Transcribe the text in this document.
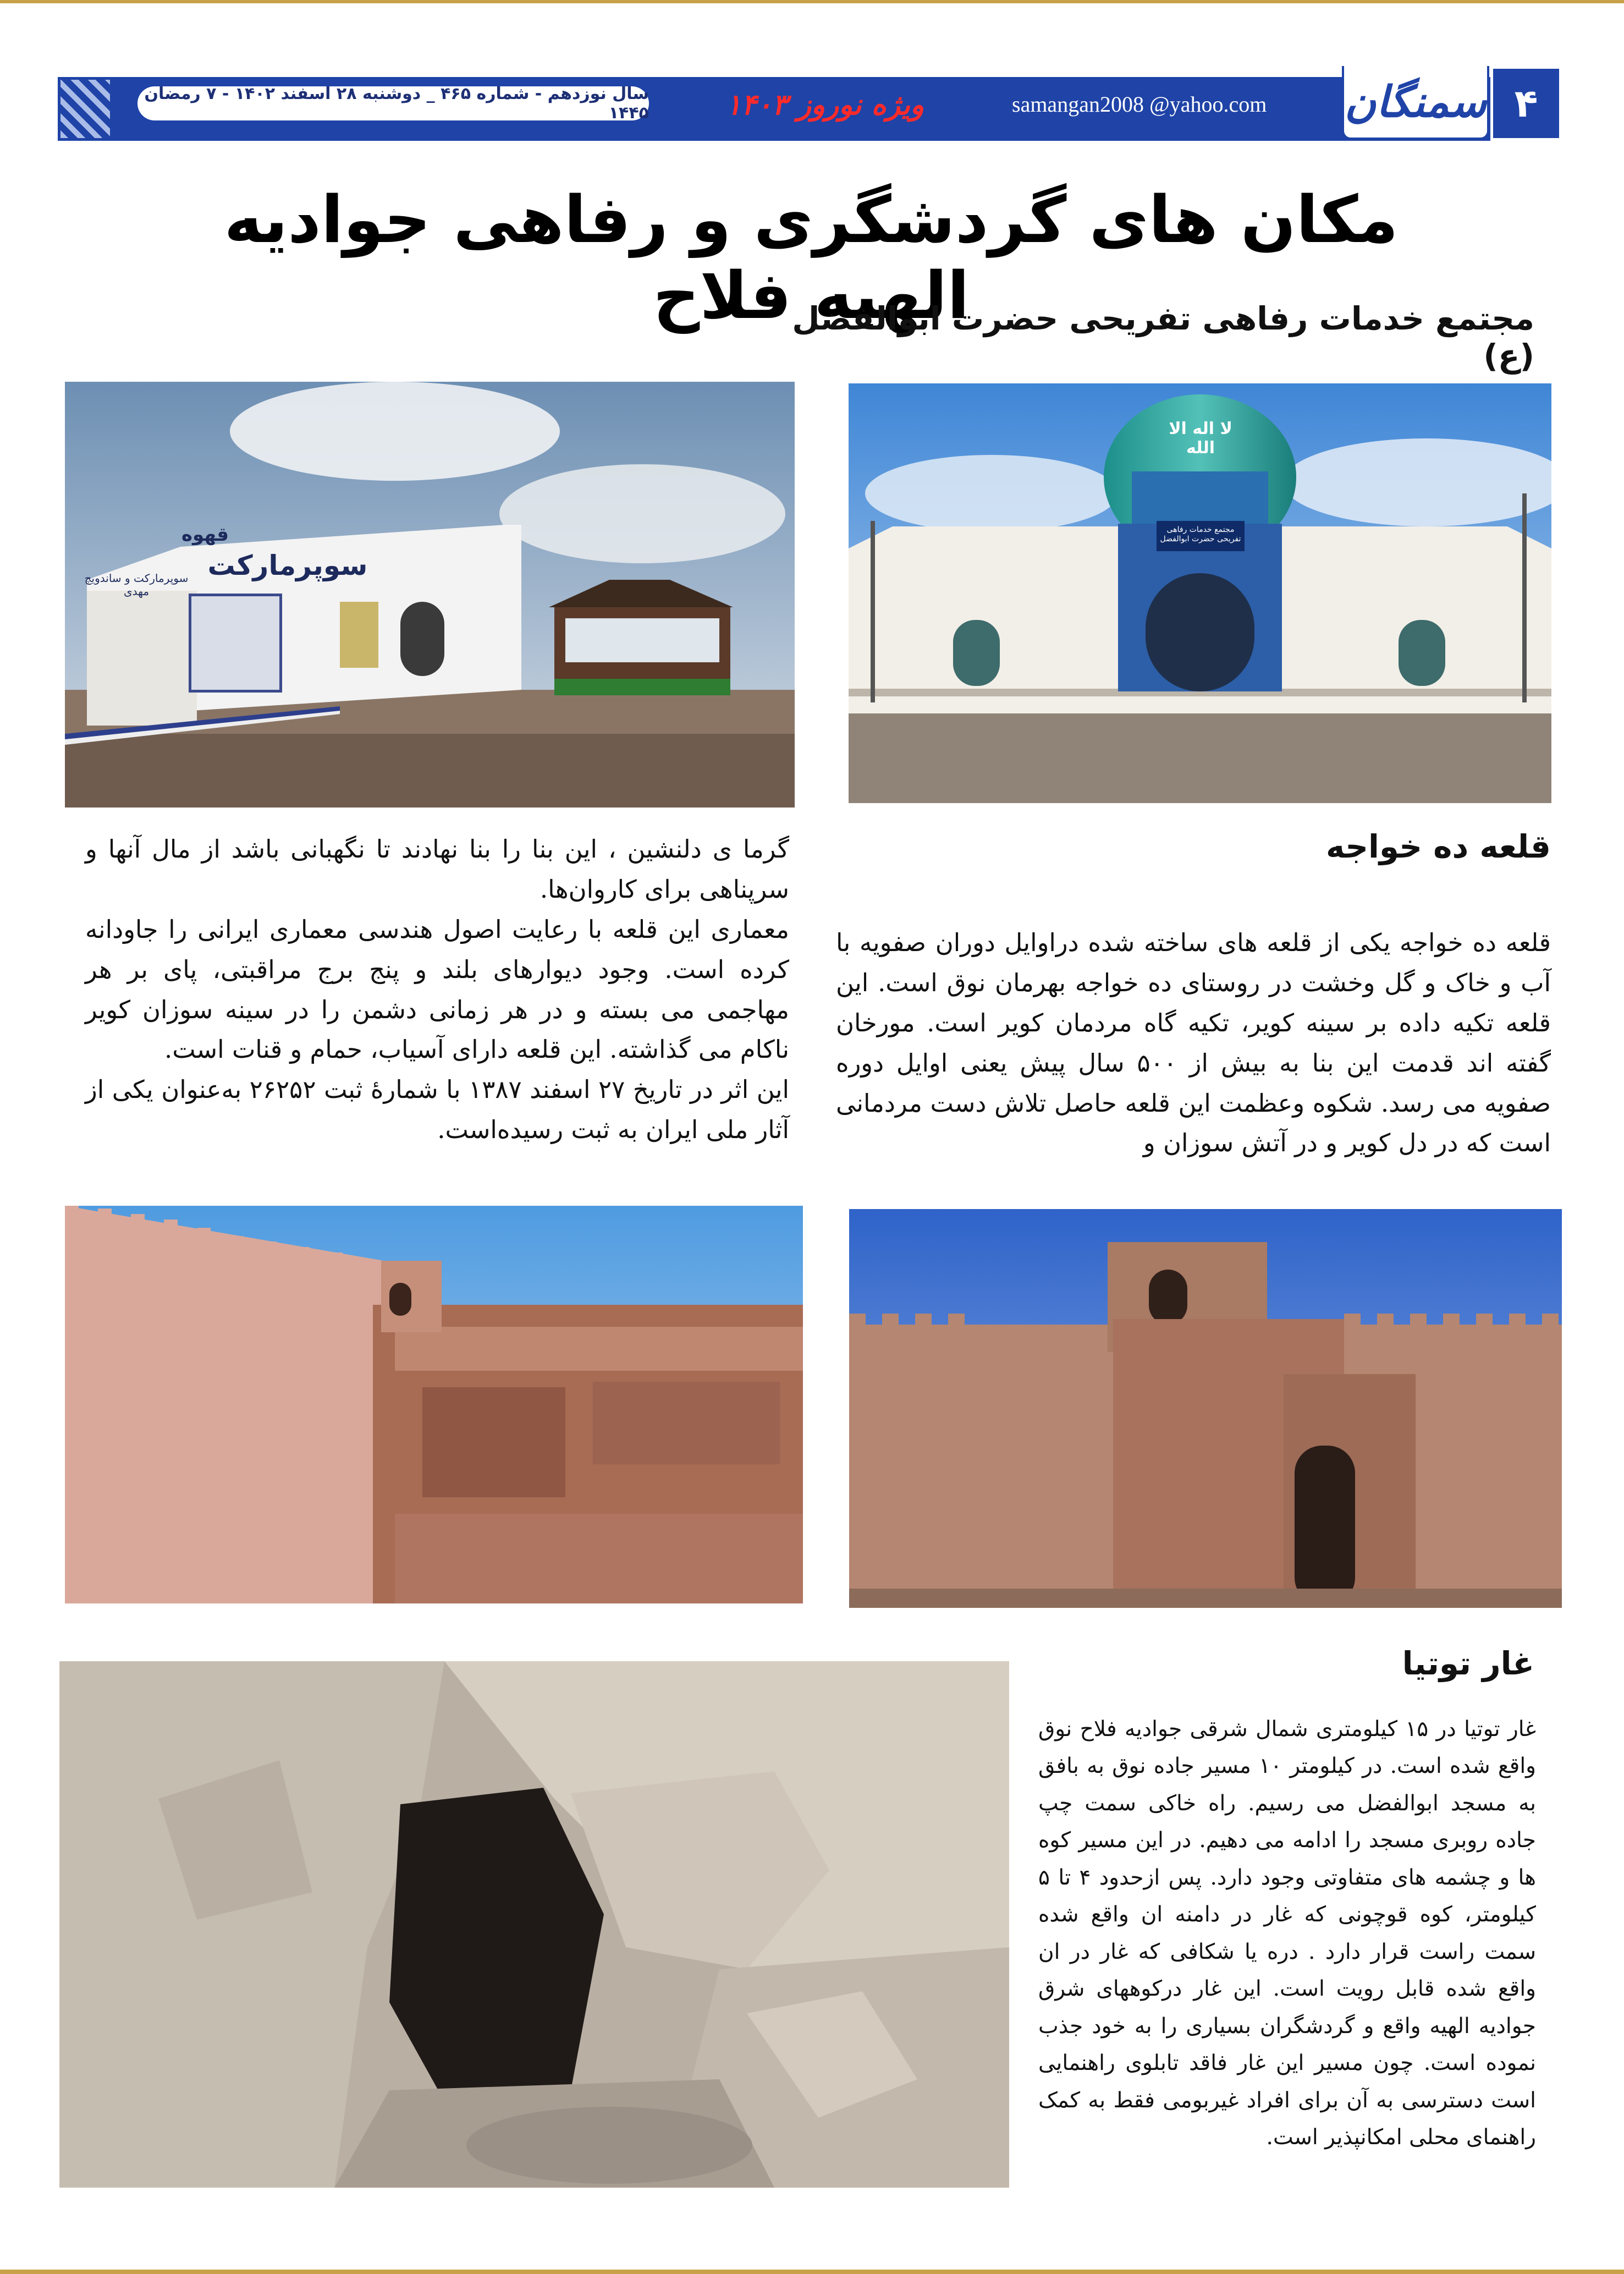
سال نوزدهم - شماره ۴۶۵ _ دوشنبه ۲۸ اسفند ۱۴۰۲ - ۷ رمضان ۱۴۴۵	ویژه نوروز ۱۴۰۳	samangan2008 @yahoo.com	سمنگان ۴
مکان های گردشگری و رفاهی جوادیه الهیه فلاح
مجتمع خدمات رفاهی تفریحی حضرت ابوالفضل (ع)
لا اله الا الله
مجتمع خدمات رفاهی تفریحی حضرت ابوالفضل
قهوه
سوپرمارکت
سوپرمارکت و ساندویچ مهدی
قلعه ده خواجه

قلعه ده خواجه یکی از قلعه های ساخته شده دراوایل دوران صفویه با آب و خاک و گل وخشت در روستای ده خواجه بهرمان نوق است. این قلعه تکیه داده بر سینه کویر، تکیه گاه مردمان کویر است. مورخان گفته اند قدمت این بنا به بیش از ۵۰۰ سال پیش یعنی اوایل دوره صفویه می رسد. شکوه وعظمت این قلعه حاصل تلاش دست مردمانی است که در دل کویر و در آتش سوزان و

گرما ی دلنشین ، این بنا را بنا نهادند تا نگهبانی باشد از مال آنها و سرپناهی برای کاروان‌ها.

معماری این قلعه با رعایت اصول هندسی معماری ایرانی را جاودانه کرده است. وجود دیوارهای بلند و پنج برج مراقبتی، پای بر هر مهاجمی می بسته و در هر زمانی دشمن را در سینه سوزان کویر ناکام می گذاشته. این قلعه دارای آسیاب، حمام و قنات است.

این اثر در تاریخ ۲۷ اسفند ۱۳۸۷ با شمارهٔ ثبت ۲۶۲۵۲ به‌عنوان یکی از آثار ملی ایران به ثبت رسیده‌است.

غار توتیا

غار توتیا در ۱۵ کیلومتری شمال شرقی جوادیه فلاح نوق واقع شده است. در کیلومتر ۱۰ مسیر جاده نوق به بافق به مسجد ابوالفضل می رسیم. راه خاکی سمت چپ جاده روبری مسجد را ادامه می دهیم. در این مسیر کوه ها و چشمه های متفاوتی وجود دارد. پس ازحدود ۴ تا ۵ کیلومتر، کوه قوچونی که غار در دامنه ان واقع شده سمت راست قرار دارد . دره یا شکافی که غار در ان واقع شده قابل رویت است. این غار درکوههای شرق جوادیه الهیه واقع و گردشگران بسیاری را به خود جذب نموده است. چون مسیر این غار فاقد تابلوی راهنمایی است دسترسی به آن برای افراد غیربومی فقط به کمک راهنمای محلی امکانپذیر است.
